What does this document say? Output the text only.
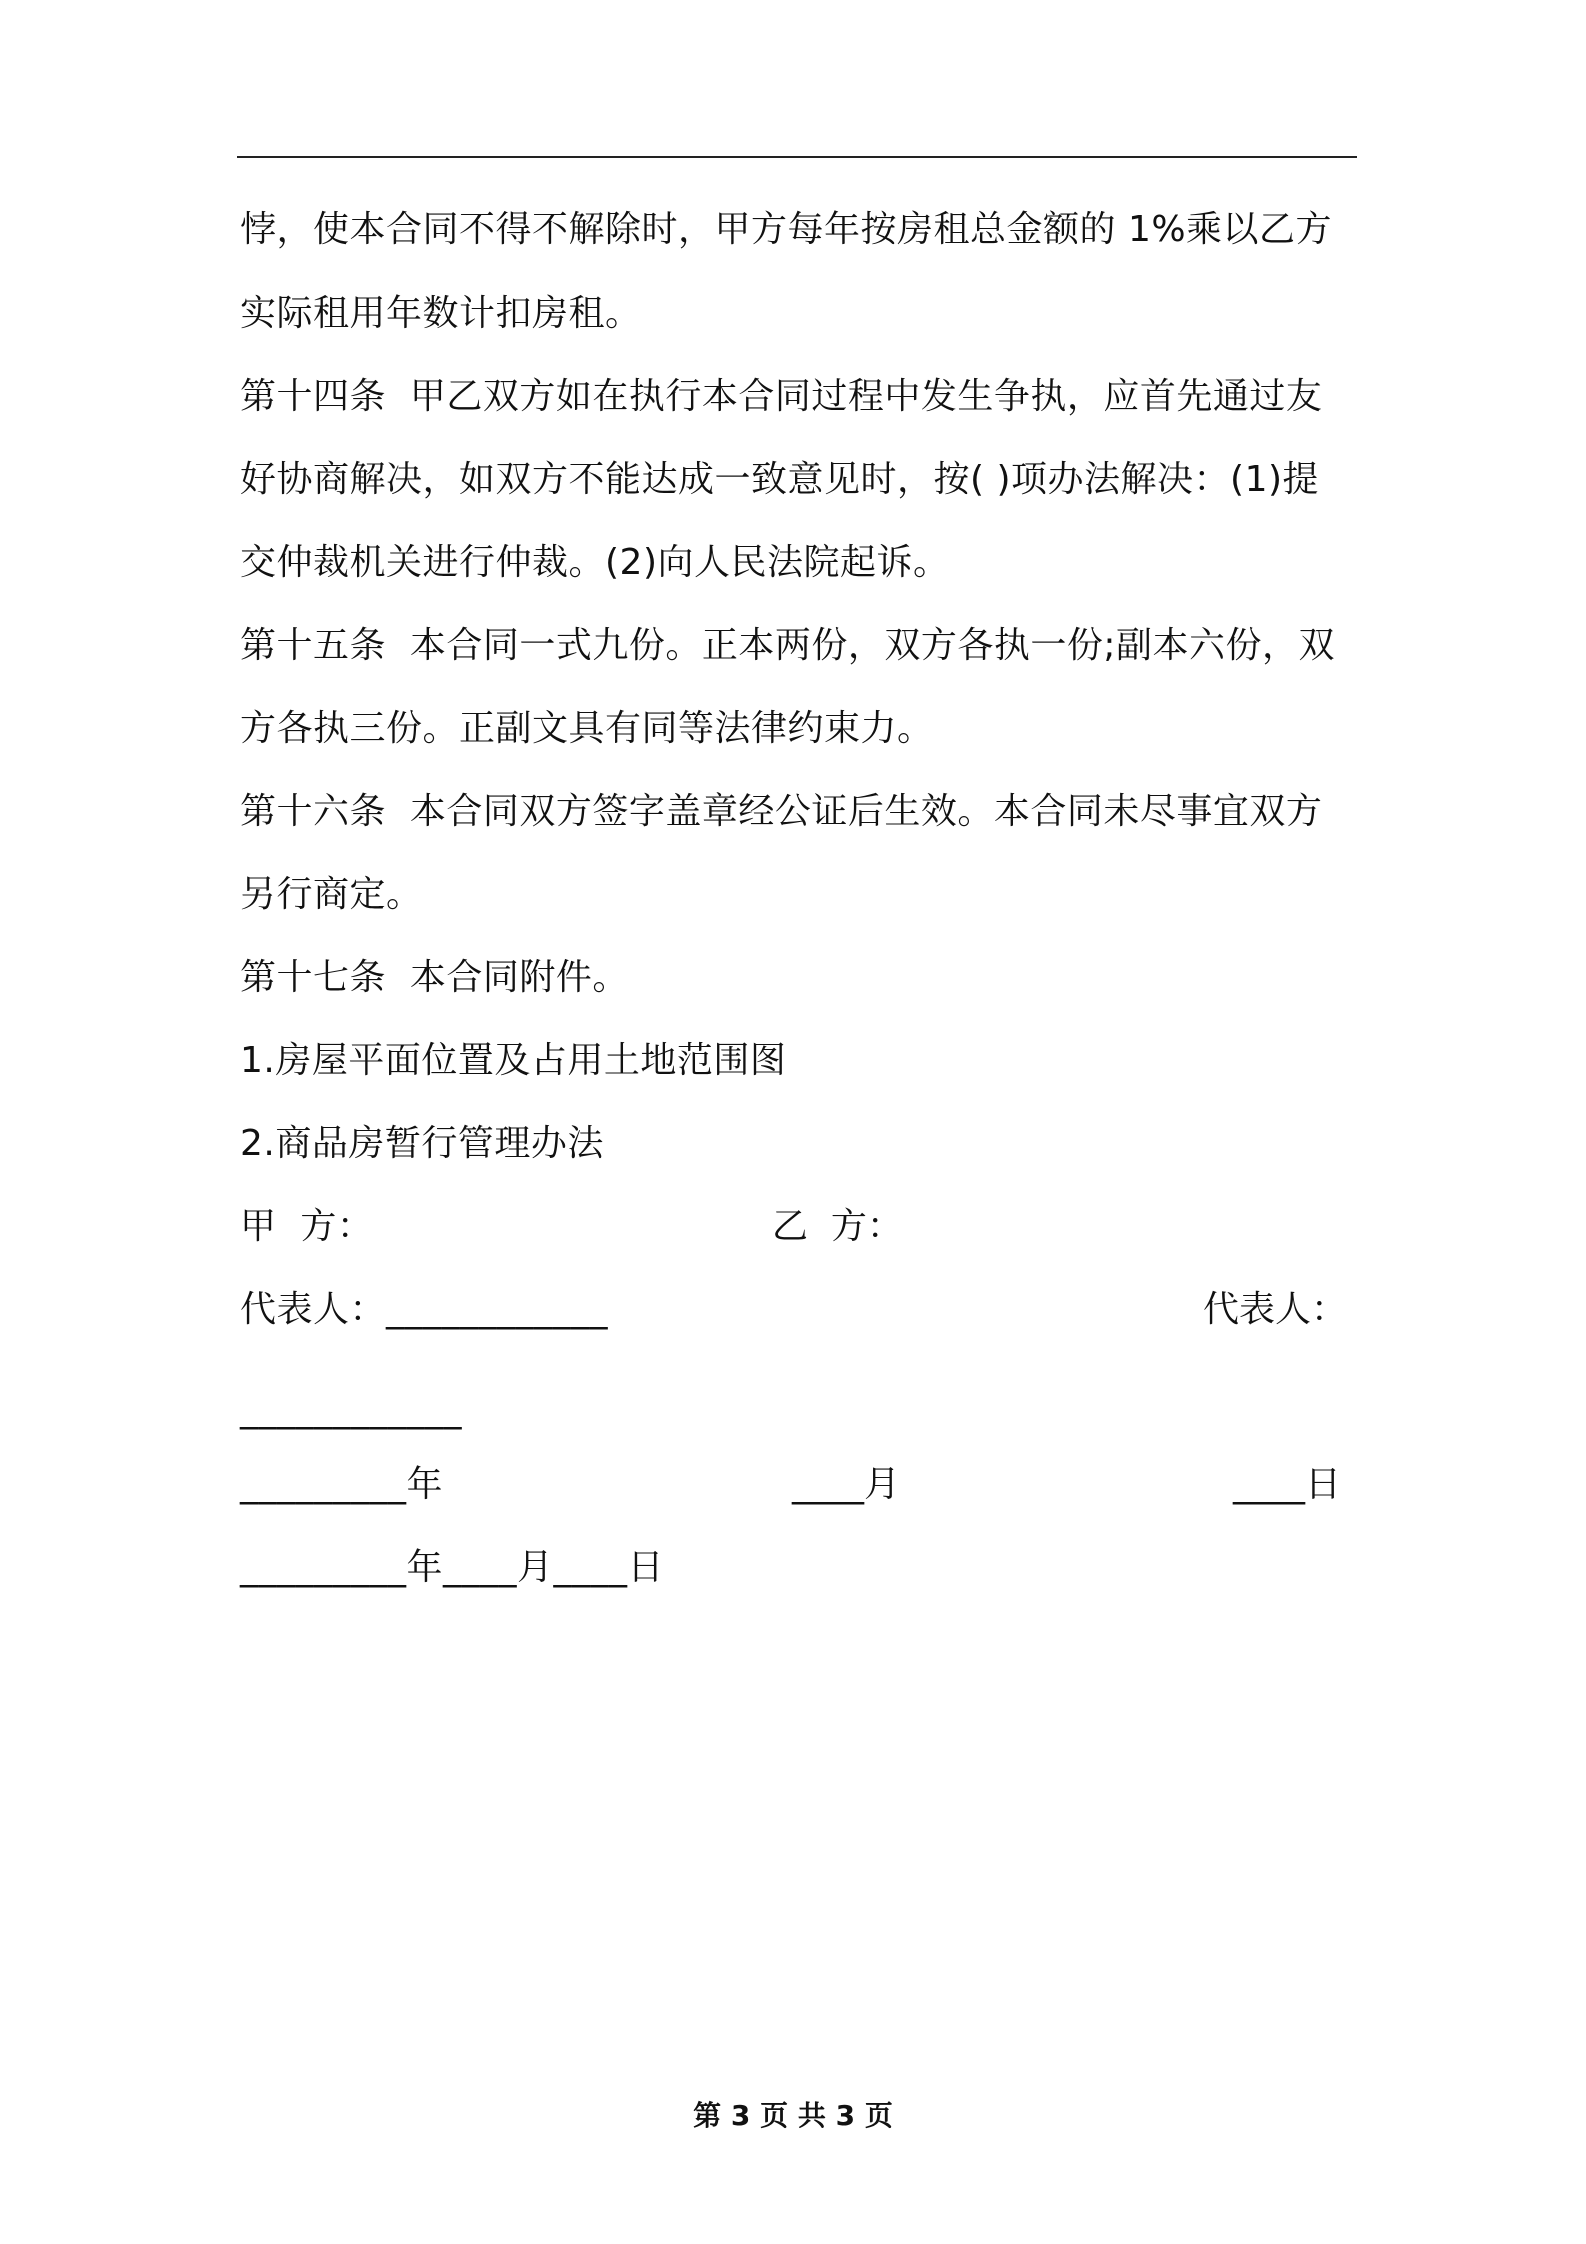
悖，使本合同不得不解除时，甲方每年按房租总金额的 1%乘以乙方
实际租用年数计扣房租。
第十四条  甲乙双方如在执行本合同过程中发生争执，应首先通过友
好协商解决，如双方不能达成一致意见时，按( )项办法解决：(1)提
交仲裁机关进行仲裁。(2)向人民法院起诉。
第十五条  本合同一式九份。正本两份，双方各执一份;副本六份，双
方各执三份。正副文具有同等法律约束力。
第十六条  本合同双方签字盖章经公证后生效。本合同未尽事宜双方
另行商定。
第十七条  本合同附件。
1.房屋平面位置及占用土地范围图
2.商品房暂行管理办法
甲  方：	乙  方：
代表人：____________	代表人：
____________
_________年	____月	____日
_________年____月____日
第 3 页 共 3 页
